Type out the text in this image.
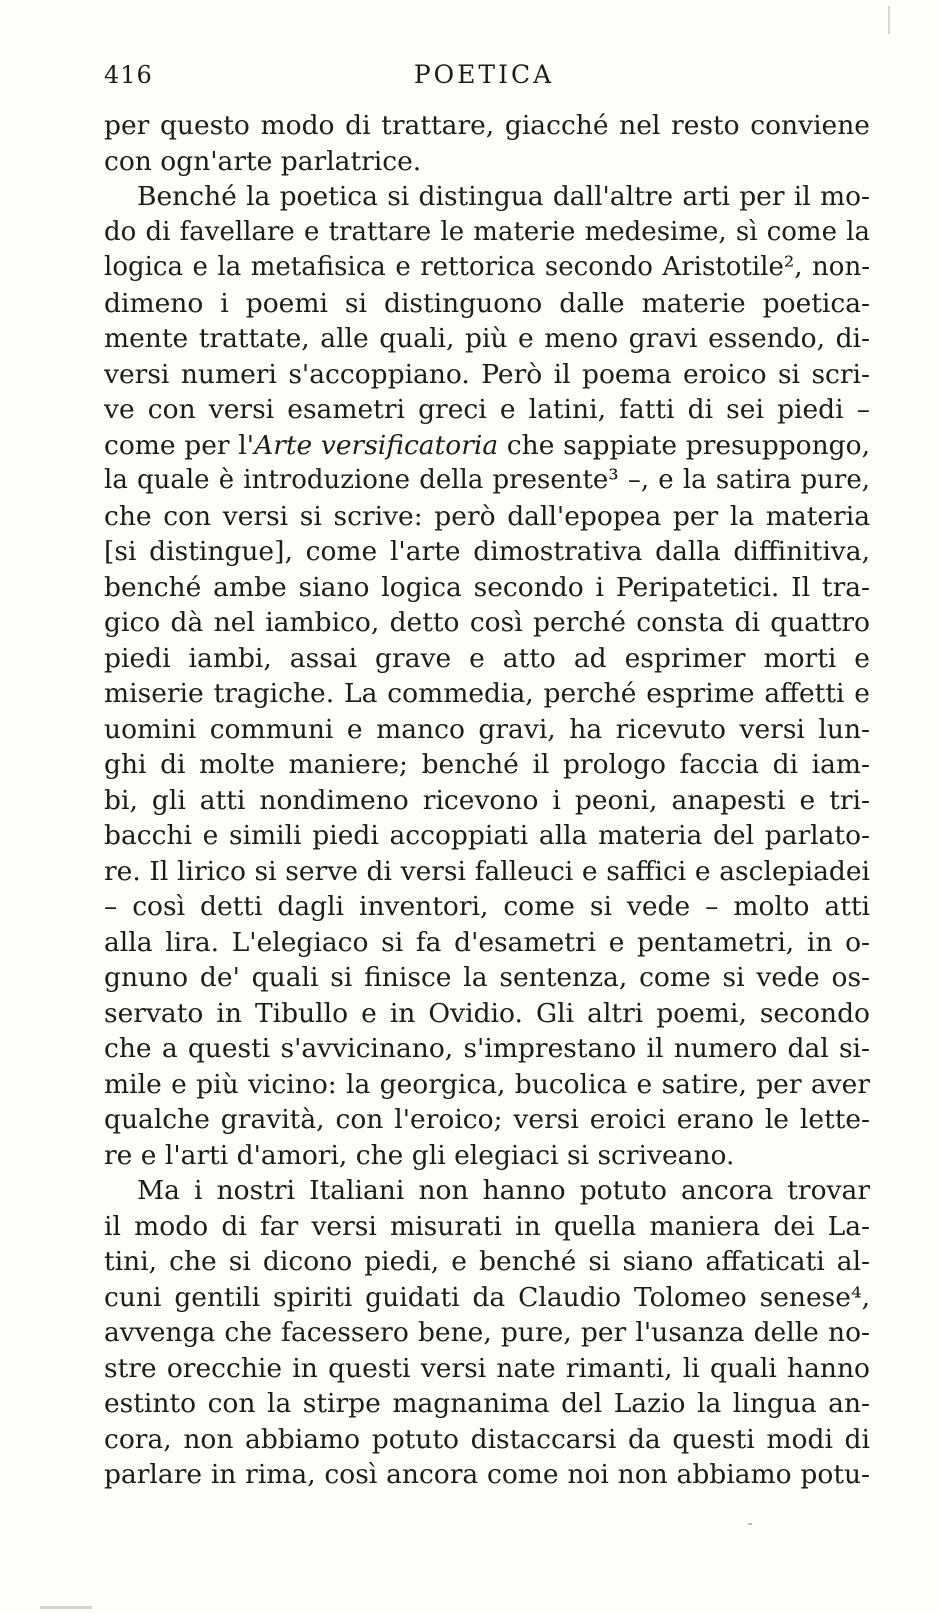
416	POETICA
per questo modo di trattare, giacché nel resto conviene
con ogn'arte parlatrice.
Benché la poetica si distingua dall'altre arti per il mo‐
do di favellare e trattare le materie medesime, sì come la
logica e la metafisica e rettorica secondo Aristotile², non‐
dimeno i poemi si distinguono dalle materie poetica‐
mente trattate, alle quali, più e meno gravi essendo, di‐
versi numeri s'accoppiano. Però il poema eroico si scri‐
ve con versi esametri greci e latini, fatti di sei piedi –
come per l'Arte versificatoria che sappiate presuppongo,
la quale è introduzione della presente³ –, e la satira pure,
che con versi si scrive: però dall'epopea per la materia
[si distingue], come l'arte dimostrativa dalla diffinitiva,
benché ambe siano logica secondo i Peripatetici. Il tra‐
gico dà nel iambico, detto così perché consta di quattro
piedi iambi, assai grave e atto ad esprimer morti e
miserie tragiche. La commedia, perché esprime affetti e
uomini communi e manco gravi, ha ricevuto versi lun‐
ghi di molte maniere; benché il prologo faccia di iam‐
bi, gli atti nondimeno ricevono i peoni, anapesti e tri‐
bacchi e simili piedi accoppiati alla materia del parlato‐
re. Il lirico si serve di versi falleuci e saffici e asclepiadei
– così detti dagli inventori, come si vede – molto atti
alla lira. L'elegiaco si fa d'esametri e pentametri, in o‐
gnuno de' quali si finisce la sentenza, come si vede os‐
servato in Tibullo e in Ovidio. Gli altri poemi, secondo
che a questi s'avvicinano, s'imprestano il numero dal si‐
mile e più vicino: la georgica, bucolica e satire, per aver
qualche gravità, con l'eroico; versi eroici erano le lette‐
re e l'arti d'amori, che gli elegiaci si scriveano.
Ma i nostri Italiani non hanno potuto ancora trovar
il modo di far versi misurati in quella maniera dei La‐
tini, che si dicono piedi, e benché si siano affaticati al‐
cuni gentili spiriti guidati da Claudio Tolomeo senese⁴,
avvenga che facessero bene, pure, per l'usanza delle no‐
stre orecchie in questi versi nate rimanti, li quali hanno
estinto con la stirpe magnanima del Lazio la lingua an‐
cora, non abbiamo potuto distaccarsi da questi modi di
parlare in rima, così ancora come noi non abbiamo potu‐
